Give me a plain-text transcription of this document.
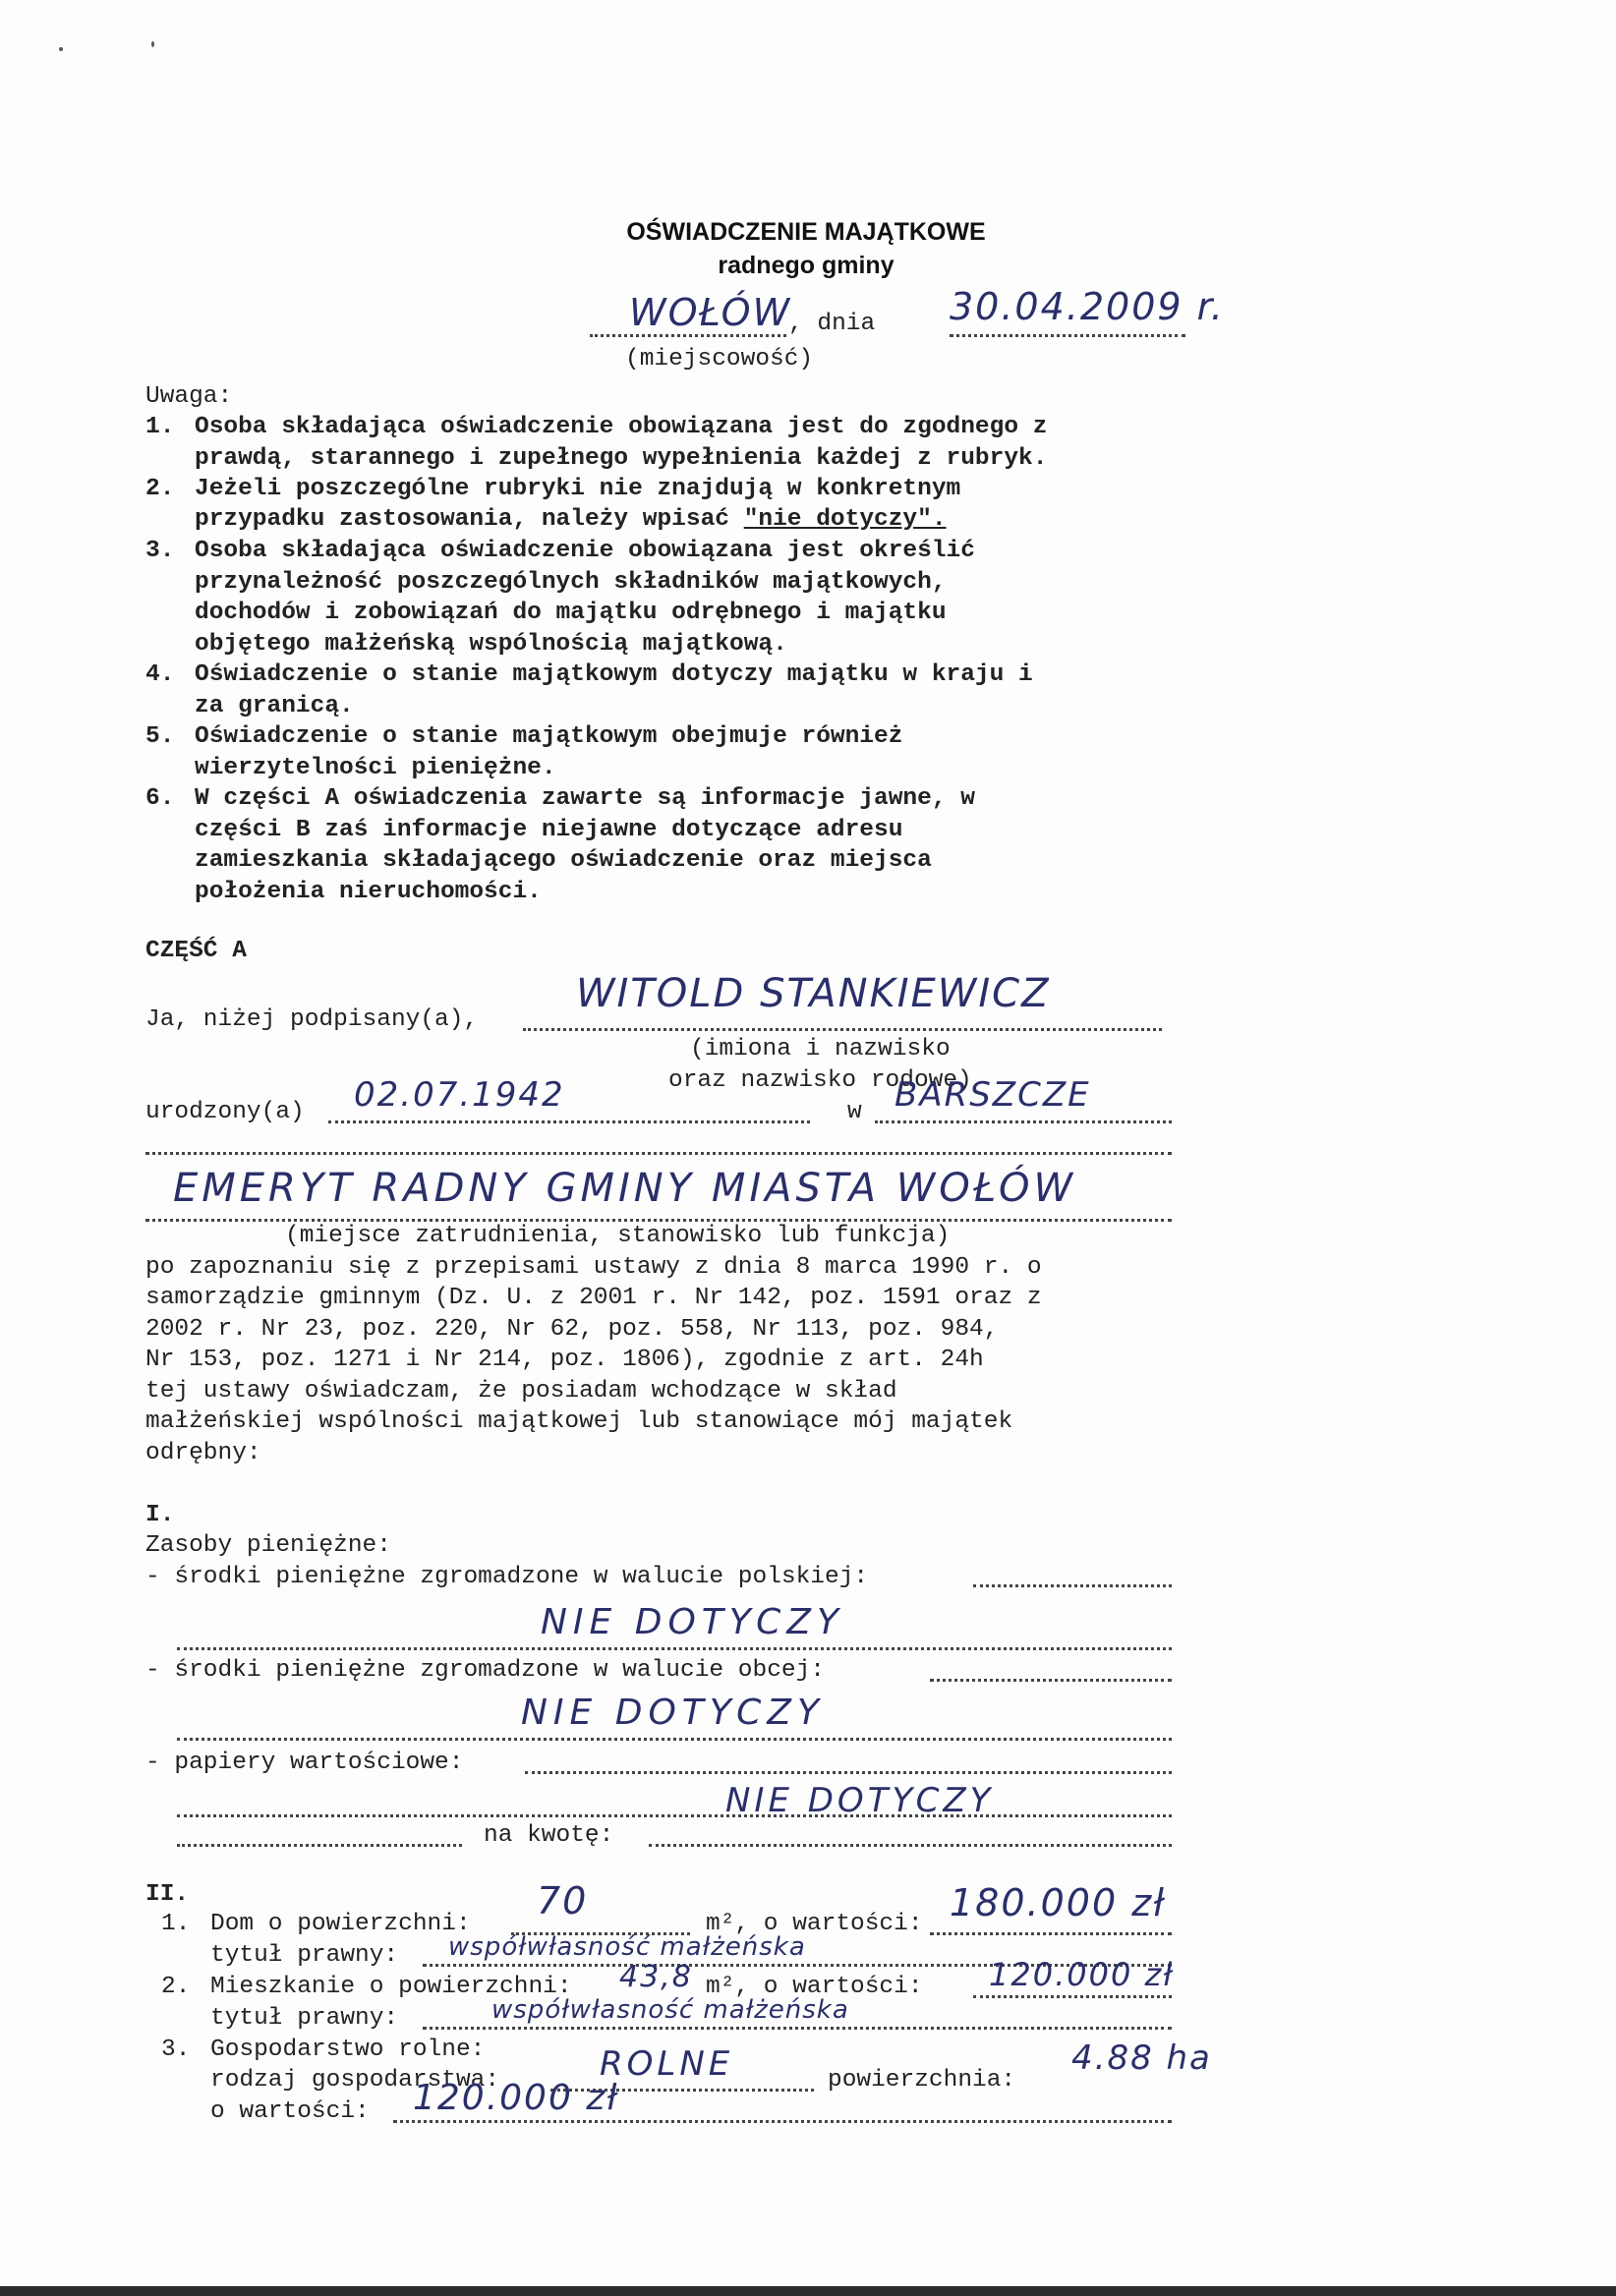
OŚWIADCZENIE MAJĄTKOWE
radnego gminy
WOŁÓW
, dnia 30.04.2009 r.
(miejscowość)
Uwaga:
1. Osoba składająca oświadczenie obowiązana jest do zgodnego z
prawdą, starannego i zupełnego wypełnienia każdej z rubryk.
2. Jeżeli poszczególne rubryki nie znajdują w konkretnym
przypadku zastosowania, należy wpisać "nie dotyczy".
3. Osoba składająca oświadczenie obowiązana jest określić
przynależność poszczególnych składników majątkowych,
dochodów i zobowiązań do majątku odrębnego i majątku
objętego małżeńską wspólnością majątkową.
4. Oświadczenie o stanie majątkowym dotyczy majątku w kraju i
za granicą.
5. Oświadczenie o stanie majątkowym obejmuje również
wierzytelności pieniężne.
6. W części A oświadczenia zawarte są informacje jawne, w
części B zaś informacje niejawne dotyczące adresu
zamieszkania składającego oświadczenie oraz miejsca
położenia nieruchomości.
CZĘŚĆ A
Ja, niżej podpisany(a),
WITOLD STANKIEWICZ
(imiona i nazwisko
oraz nazwisko rodowe)
urodzony(a) 02.07.1942	w BARSZCZE
EMERYT RADNY GMINY MIASTA WOŁÓW
(miejsce zatrudnienia, stanowisko lub funkcja)
po zapoznaniu się z przepisami ustawy z dnia 8 marca 1990 r. o
samorządzie gminnym (Dz. U. z 2001 r. Nr 142, poz. 1591 oraz z
2002 r. Nr 23, poz. 220, Nr 62, poz. 558, Nr 113, poz. 984,
Nr 153, poz. 1271 i Nr 214, poz. 1806), zgodnie z art. 24h
tej ustawy oświadczam, że posiadam wchodzące w skład
małżeńskiej wspólności majątkowej lub stanowiące mój majątek
odrębny:
I.
Zasoby pieniężne:
- środki pieniężne zgromadzone w walucie polskiej:
NIE DOTYCZY
- środki pieniężne zgromadzone w walucie obcej:
NIE DOTYCZY
- papiery wartościowe:
NIE DOTYCZY
na kwotę:
II.
1. Dom o powierzchni:
70
m², o wartości: 180.000 zł
tytuł prawny: współwłasność małżeńska
2. Mieszkanie o powierzchni: 43,8 m², o wartości: 120.000 zł
tytuł prawny:	współwłasność małżeńska
3. Gospodarstwo rolne:
rodzaj gospodarstwa:	ROLNE	powierzchnia:
4.88 ha
o wartości: 120.000 zł
